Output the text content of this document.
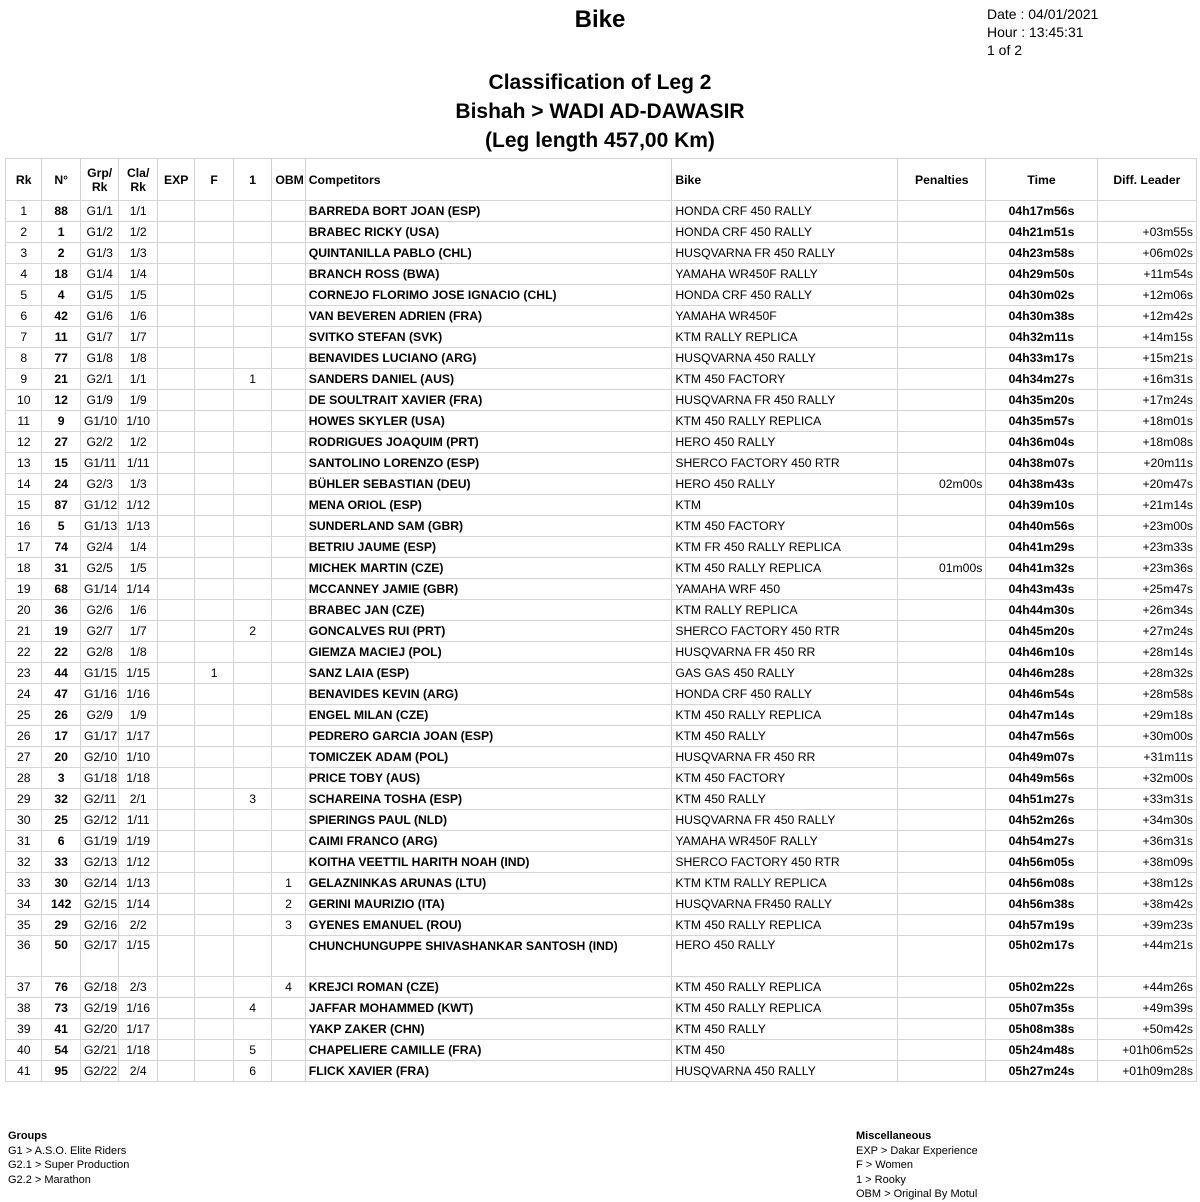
Bike	Date : 04/01/2021
Hour : 13:45:31
1 of 2
Classification of Leg 2
Bishah > WADI AD-DAWASIR
(Leg length 457,00 Km)
Rk	N°	Grp/ Rk	Cla/ Rk	EXP	F	1	OBM	Competitors	Bike	Penalties	Time	Diff. Leader
1	88	G1/1	1/1					BARREDA BORT JOAN (ESP)	HONDA CRF 450 RALLY		04h17m56s	
2	1	G1/2	1/2					BRABEC RICKY (USA)	HONDA CRF 450 RALLY		04h21m51s	+03m55s
3	2	G1/3	1/3					QUINTANILLA PABLO (CHL)	HUSQVARNA FR 450 RALLY		04h23m58s	+06m02s
4	18	G1/4	1/4					BRANCH ROSS (BWA)	YAMAHA WR450F RALLY		04h29m50s	+11m54s
5	4	G1/5	1/5					CORNEJO FLORIMO JOSE IGNACIO (CHL)	HONDA CRF 450 RALLY		04h30m02s	+12m06s
6	42	G1/6	1/6					VAN BEVEREN ADRIEN (FRA)	YAMAHA WR450F		04h30m38s	+12m42s
7	11	G1/7	1/7					SVITKO STEFAN (SVK)	KTM RALLY REPLICA		04h32m11s	+14m15s
8	77	G1/8	1/8					BENAVIDES LUCIANO (ARG)	HUSQVARNA 450 RALLY		04h33m17s	+15m21s
9	21	G2/1	1/1			1		SANDERS DANIEL (AUS)	KTM 450 FACTORY		04h34m27s	+16m31s
10	12	G1/9	1/9					DE SOULTRAIT XAVIER (FRA)	HUSQVARNA FR 450 RALLY		04h35m20s	+17m24s
11	9	G1/10	1/10					HOWES SKYLER (USA)	KTM 450 RALLY REPLICA		04h35m57s	+18m01s
12	27	G2/2	1/2					RODRIGUES JOAQUIM (PRT)	HERO 450 RALLY		04h36m04s	+18m08s
13	15	G1/11	1/11					SANTOLINO LORENZO (ESP)	SHERCO FACTORY 450 RTR		04h38m07s	+20m11s
14	24	G2/3	1/3					BÜHLER SEBASTIAN (DEU)	HERO 450 RALLY	02m00s	04h38m43s	+20m47s
15	87	G1/12	1/12					MENA ORIOL (ESP)	KTM		04h39m10s	+21m14s
16	5	G1/13	1/13					SUNDERLAND SAM (GBR)	KTM 450 FACTORY		04h40m56s	+23m00s
17	74	G2/4	1/4					BETRIU JAUME (ESP)	KTM FR 450 RALLY REPLICA		04h41m29s	+23m33s
18	31	G2/5	1/5					MICHEK MARTIN (CZE)	KTM 450 RALLY REPLICA	01m00s	04h41m32s	+23m36s
19	68	G1/14	1/14					MCCANNEY JAMIE (GBR)	YAMAHA WRF 450		04h43m43s	+25m47s
20	36	G2/6	1/6					BRABEC JAN (CZE)	KTM RALLY REPLICA		04h44m30s	+26m34s
21	19	G2/7	1/7			2		GONCALVES RUI (PRT)	SHERCO FACTORY 450 RTR		04h45m20s	+27m24s
22	22	G2/8	1/8					GIEMZA MACIEJ (POL)	HUSQVARNA FR 450 RR		04h46m10s	+28m14s
23	44	G1/15	1/15		1			SANZ LAIA (ESP)	GAS GAS 450 RALLY		04h46m28s	+28m32s
24	47	G1/16	1/16					BENAVIDES KEVIN (ARG)	HONDA CRF 450 RALLY		04h46m54s	+28m58s
25	26	G2/9	1/9					ENGEL MILAN (CZE)	KTM 450 RALLY REPLICA		04h47m14s	+29m18s
26	17	G1/17	1/17					PEDRERO GARCIA JOAN (ESP)	KTM 450 RALLY		04h47m56s	+30m00s
27	20	G2/10	1/10					TOMICZEK ADAM (POL)	HUSQVARNA FR 450 RR		04h49m07s	+31m11s
28	3	G1/18	1/18					PRICE TOBY (AUS)	KTM 450 FACTORY		04h49m56s	+32m00s
29	32	G2/11	2/1			3		SCHAREINA TOSHA (ESP)	KTM 450 RALLY		04h51m27s	+33m31s
30	25	G2/12	1/11					SPIERINGS PAUL (NLD)	HUSQVARNA FR 450 RALLY		04h52m26s	+34m30s
31	6	G1/19	1/19					CAIMI FRANCO (ARG)	YAMAHA WR450F RALLY		04h54m27s	+36m31s
32	33	G2/13	1/12					KOITHA VEETTIL HARITH NOAH (IND)	SHERCO FACTORY 450 RTR		04h56m05s	+38m09s
33	30	G2/14	1/13				1	GELAZNINKAS ARUNAS (LTU)	KTM KTM RALLY REPLICA		04h56m08s	+38m12s
34	142	G2/15	1/14				2	GERINI MAURIZIO (ITA)	HUSQVARNA FR450 RALLY		04h56m38s	+38m42s
35	29	G2/16	2/2				3	GYENES EMANUEL (ROU)	KTM 450 RALLY REPLICA		04h57m19s	+39m23s
36	50	G2/17	1/15					CHUNCHUNGUPPE SHIVASHANKAR SANTOSH (IND)	HERO 450 RALLY		05h02m17s	+44m21s
37	76	G2/18	2/3				4	KREJCI ROMAN (CZE)	KTM 450 RALLY REPLICA		05h02m22s	+44m26s
38	73	G2/19	1/16			4		JAFFAR MOHAMMED (KWT)	KTM 450 RALLY REPLICA		05h07m35s	+49m39s
39	41	G2/20	1/17					YAKP ZAKER (CHN)	KTM 450 RALLY		05h08m38s	+50m42s
40	54	G2/21	1/18			5		CHAPELIERE CAMILLE (FRA)	KTM 450		05h24m48s	+01h06m52s
41	95	G2/22	2/4			6		FLICK XAVIER (FRA)	HUSQVARNA 450 RALLY		05h27m24s	+01h09m28s
Groups
G1 > A.S.O. Elite Riders
G2.1 > Super Production
G2.2 > Marathon
Miscellaneous
EXP > Dakar Experience
F > Women
1 > Rooky
OBM > Original By Motul
